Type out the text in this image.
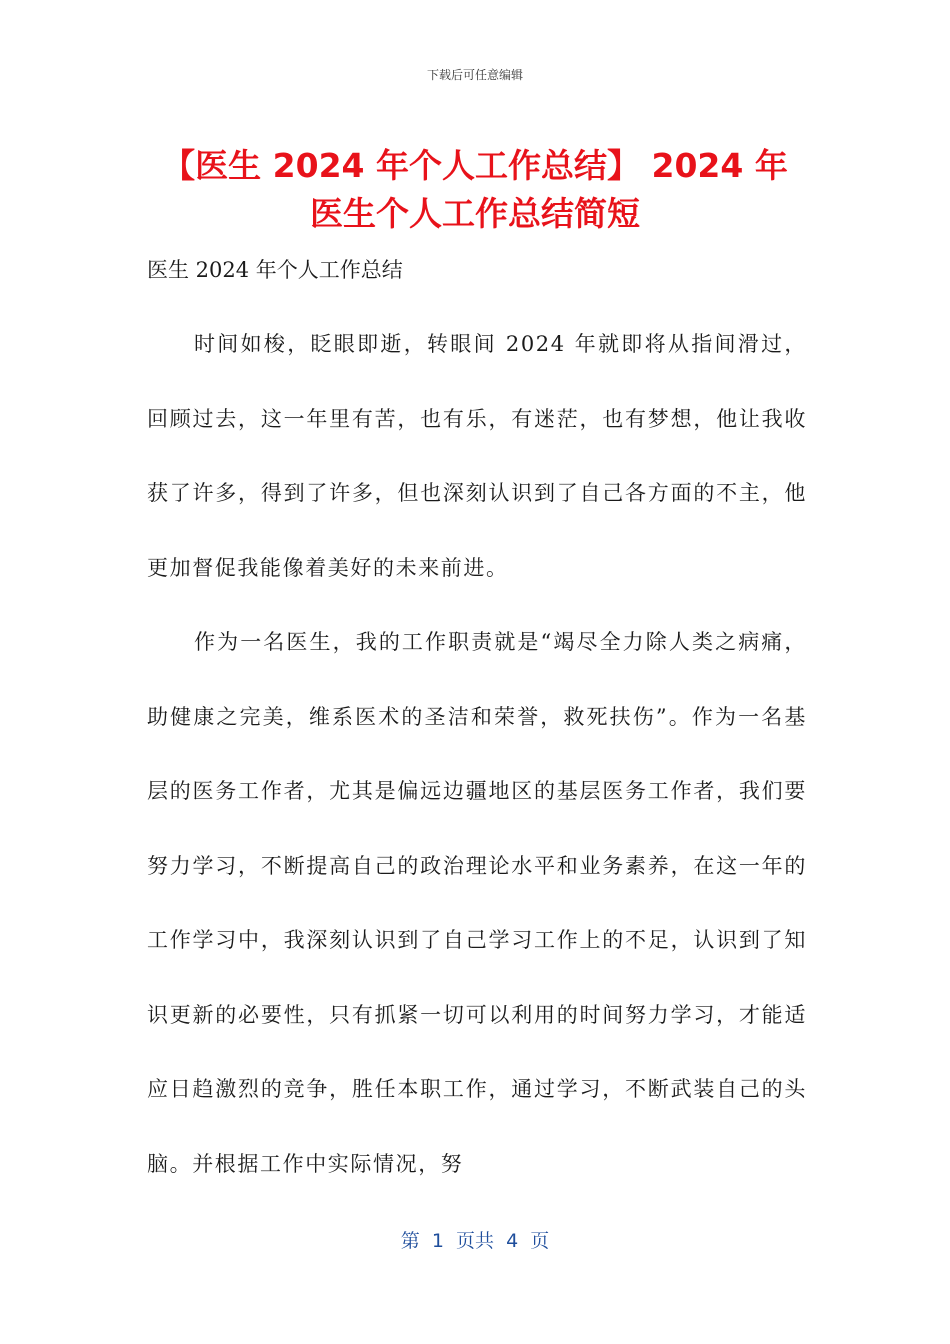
下载后可任意编辑
【医生 2024 年个人工作总结】 2024 年医生个人工作总结简短

医生 2024 年个人工作总结

时间如梭，眨眼即逝，转眼间 2024 年就即将从指间滑过，回顾过去，这一年里有苦，也有乐，有迷茫，也有梦想，他让我收获了许多，得到了许多，但也深刻认识到了自己各方面的不主，他更加督促我能像着美好的未来前进。

作为一名医生，我的工作职责就是“竭尽全力除人类之病痛，助健康之完美，维系医术的圣洁和荣誉，救死扶伤”。作为一名基层的医务工作者，尤其是偏远边疆地区的基层医务工作者，我们要努力学习，不断提高自己的政治理论水平和业务素养，在这一年的工作学习中，我深刻认识到了自己学习工作上的不足，认识到了知识更新的必要性，只有抓紧一切可以利用的时间努力学习，才能适应日趋激烈的竞争，胜任本职工作，通过学习，不断武装自己的头脑。并根据工作中实际情况，努

第  1  页共  4  页
